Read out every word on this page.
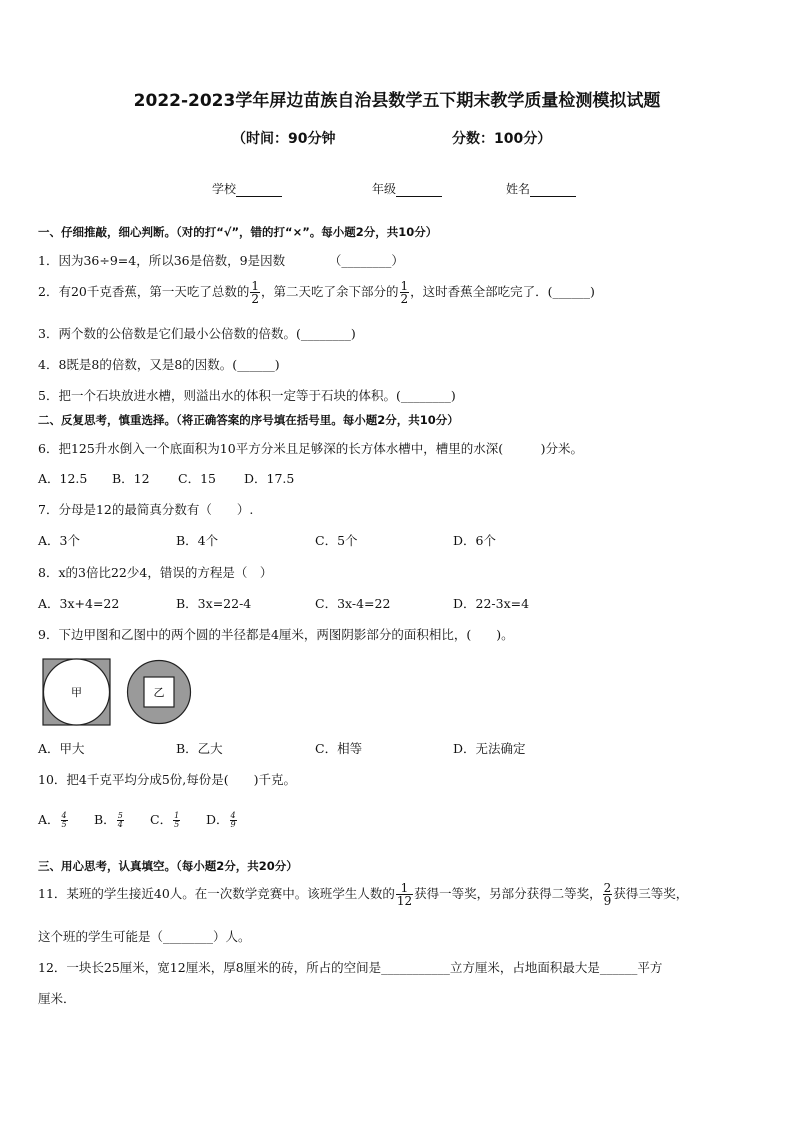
2022-2023学年屏边苗族自治县数学五下期末教学质量检测模拟试题
（时间：90分钟	分数：100分）
学校	年级	姓名
一、仔细推敲，细心判断。（对的打“√”，错的打“×”。每小题2分，共10分）
1．因为36÷9=4，所以36是倍数，9是因数　　　　（________）
2．有20千克香蕉，第一天吃了总数的 $\frac{1}{2}$ ，第二天吃了余下部分的 $\frac{1}{2}$ ，这时香蕉全部吃完了．(______)
3．两个数的公倍数是它们最小公倍数的倍数。(________)
4．8既是8的倍数，又是8的因数。(______)
5．把一个石块放进水槽，则溢出水的体积一定等于石块的体积。(________)
二、反复思考，慎重选择。（将正确答案的序号填在括号里。每小题2分，共10分）
6．把125升水倒入一个底面积为10平方分米且足够深的长方体水槽中，槽里的水深(　　　)分米。
A．12.5 B．12 C．15 D．17.5
7．分母是12的最简真分数有（　　）.
A．3个	B．4个	C．5个	D．6个
8．x的3倍比22少4，错误的方程是（　）
A．3x+4=22	B．3x=22-4	C．3x-4=22	D．22-3x=4
9．下边甲图和乙图中的两个圆的半径都是4厘米，两图阴影部分的面积相比，(　　)。
甲	乙
A．甲大	B．乙大	C．相等	D．无法确定
10．把4千克平均分成5份,每份是(　　)千克。
A． $\frac{4}{5}$ B． $\frac{5}{4}$ C． $\frac{1}{5}$ D． $\frac{4}{9}$
三、用心思考，认真填空。（每小题2分，共20分）
11．某班的学生接近40人。在一次数学竞赛中。该班学生人数的 $\frac{1}{12}$ 获得一等奖，另部分获得二等奖， $\frac{2}{9}$ 获得三等奖，
这个班的学生可能是（________）人。
12．一块长25厘米，宽12厘米，厚8厘米的砖，所占的空间是___________立方厘米，占地面积最大是______平方
厘米．
